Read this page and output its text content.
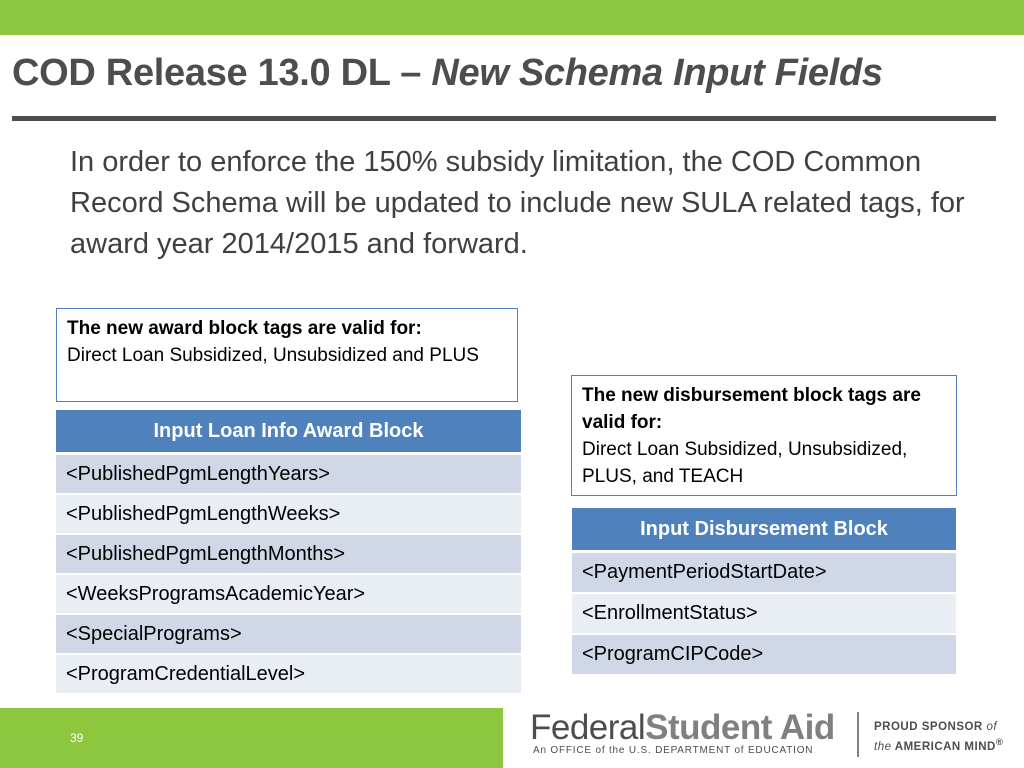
COD Release 13.0 DL – New Schema Input Fields
In order to enforce the 150% subsidy limitation, the COD Common Record Schema will be updated to include new SULA related tags, for award year 2014/2015 and forward.
The new award block tags are valid for:
Direct Loan Subsidized, Unsubsidized and PLUS
Input Loan Info Award Block
<PublishedPgmLengthYears>
<PublishedPgmLengthWeeks>
<PublishedPgmLengthMonths>
<WeeksProgramsAcademicYear>
<SpecialPrograms>
<ProgramCredentialLevel>
The new disbursement block tags are valid for:
Direct Loan Subsidized, Unsubsidized, PLUS, and TEACH
Input Disbursement Block
<PaymentPeriodStartDate>
<EnrollmentStatus>
<ProgramCIPCode>
39	FederalStudent Aid
An OFFICE of the U.S. DEPARTMENT of EDUCATION
PROUD SPONSOR of
the AMERICAN MIND®
